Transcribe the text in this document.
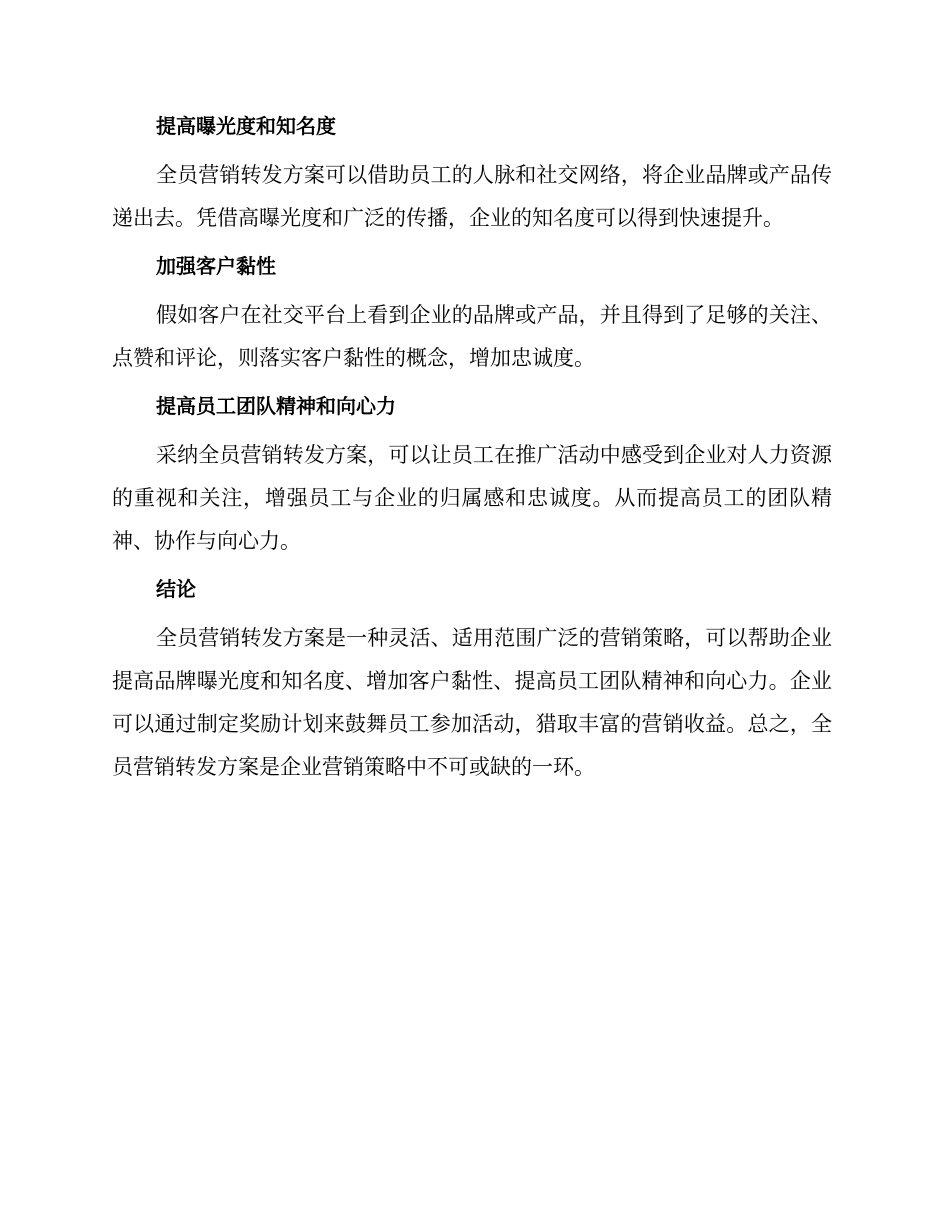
提高曝光度和知名度

全员营销转发方案可以借助员工的人脉和社交网络，将企业品牌或产品传递出去。凭借高曝光度和广泛的传播，企业的知名度可以得到快速提升。

加强客户黏性

假如客户在社交平台上看到企业的品牌或产品，并且得到了足够的关注、点赞和评论，则落实客户黏性的概念，增加忠诚度。

提高员工团队精神和向心力

采纳全员营销转发方案，可以让员工在推广活动中感受到企业对人力资源的重视和关注，增强员工与企业的归属感和忠诚度。从而提高员工的团队精神、协作与向心力。

结论

全员营销转发方案是一种灵活、适用范围广泛的营销策略，可以帮助企业提高品牌曝光度和知名度、增加客户黏性、提高员工团队精神和向心力。企业可以通过制定奖励计划来鼓舞员工参加活动，猎取丰富的营销收益。总之，全员营销转发方案是企业营销策略中不可或缺的一环。
